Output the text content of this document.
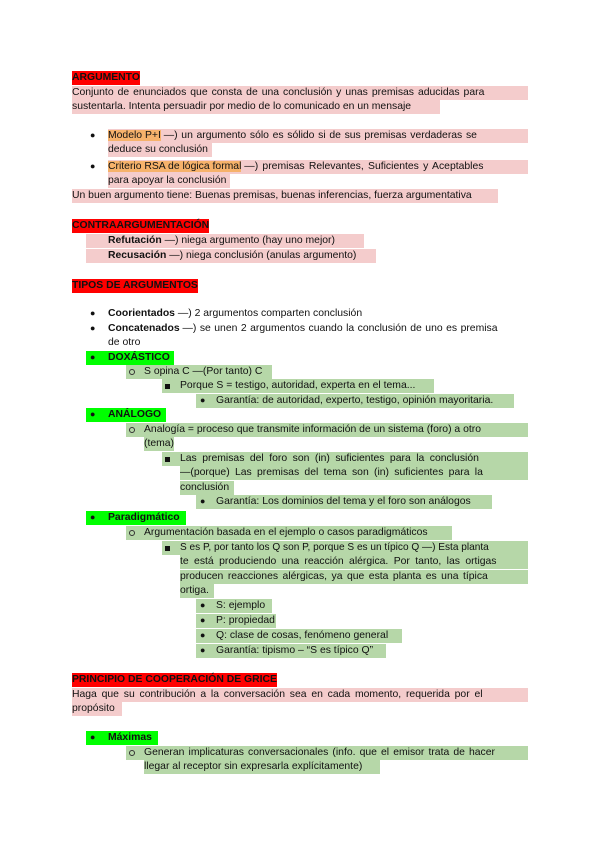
ARGUMENTO
Conjunto de enunciados que consta de una conclusión y unas premisas aducidas para
sustentarla. Intenta persuadir por medio de lo comunicado en un mensaje
● Modelo P+I —) un argumento sólo es sólido si de sus premisas verdaderas se
deduce su conclusión
● Criterio RSA de lógica formal —) premisas Relevantes, Suficientes y Aceptables
para apoyar la conclusión
Un buen argumento tiene: Buenas premisas, buenas inferencias, fuerza argumentativa
CONTRAARGUMENTACIÓN
Refutación —) niega argumento (hay uno mejor)
Recusación —) niega conclusión (anulas argumento)
TIPOS DE ARGUMENTOS
● Coorientados —) 2 argumentos comparten conclusión
● Concatenados —) se unen 2 argumentos cuando la conclusión de uno es premisa
de otro
● DOXÁSTICO
S opina C —(Por tanto) C
Porque S = testigo, autoridad, experta en el tema...
● Garantía: de autoridad, experto, testigo, opinión mayoritaria.
● ANÁLOGO
Analogía = proceso que transmite información de un sistema (foro) a otro
(tema)
Las premisas del foro son (in) suficientes para la conclusión
—(porque) Las premisas del tema son (in) suficientes para la
conclusión
● Garantía: Los dominios del tema y el foro son análogos
● Paradigmático
Argumentación basada en el ejemplo o casos paradigmáticos
S es P, por tanto los Q son P, porque S es un típico Q —) Esta planta
te está produciendo una reacción alérgica. Por tanto, las ortigas
producen reacciones alérgicas, ya que esta planta es una típica
ortiga.
● S: ejemplo
● P: propiedad
● Q: clase de cosas, fenómeno general
● Garantía: tipismo – “S es típico Q”
PRINCIPIO DE COOPERACIÓN DE GRICE
Haga que su contribución a la conversación sea en cada momento, requerida por el
propósito
● Máximas
Generan implicaturas conversacionales (info. que el emisor trata de hacer
llegar al receptor sin expresarla explícitamente)
